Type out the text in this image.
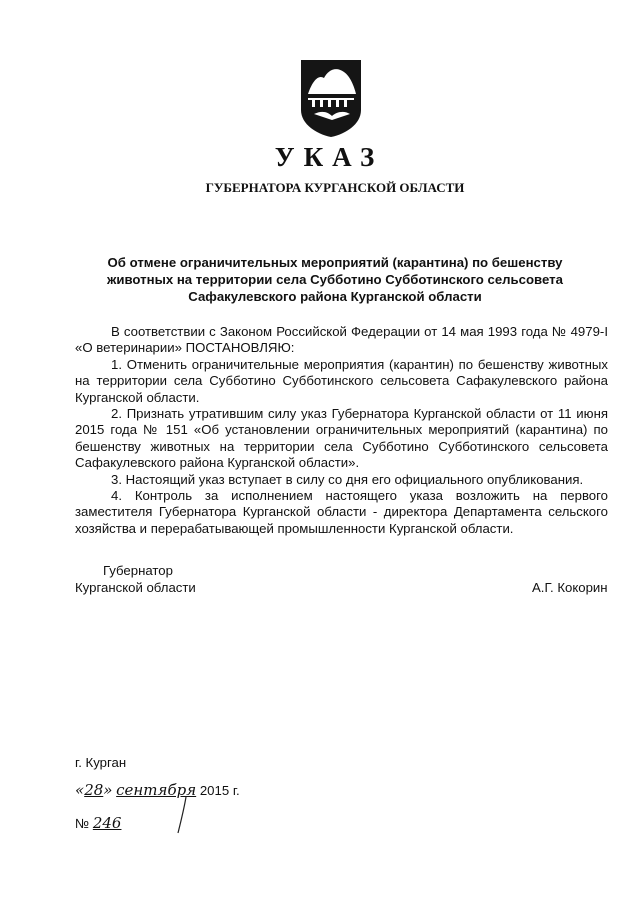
УКАЗ
ГУБЕРНАТОРА КУРГАНСКОЙ ОБЛАСТИ
Об отмене ограничительных мероприятий (карантина) по бешенству
животных на территории села Субботино Субботинского сельсовета
Сафакулевского района Курганской области

В соответствии с Законом Российской Федерации от 14 мая 1993 года № 4979-I «О ветеринарии» ПОСТАНОВЛЯЮ:

1. Отменить ограничительные мероприятия (карантин) по бешенству животных на территории села Субботино Субботинского сельсовета Сафакулевского района Курганской области.

2. Признать утратившим силу указ Губернатора Курганской области от 11 июня 2015 года № 151 «Об установлении ограничительных мероприятий (карантина) по бешенству животных на территории села Субботино Субботинского сельсовета Сафакулевского района Курганской области».

3. Настоящий указ вступает в силу со дня его официального опубликования.

4. Контроль за исполнением настоящего указа возложить на первого заместителя Губернатора Курганской области - директора Департамента сельского хозяйства и перерабатывающей промышленности Курганской области.

Губернатор
Курганской области	А.Г. Кокорин
г. Курган
«28» сентября 2015 г.
№ 246
